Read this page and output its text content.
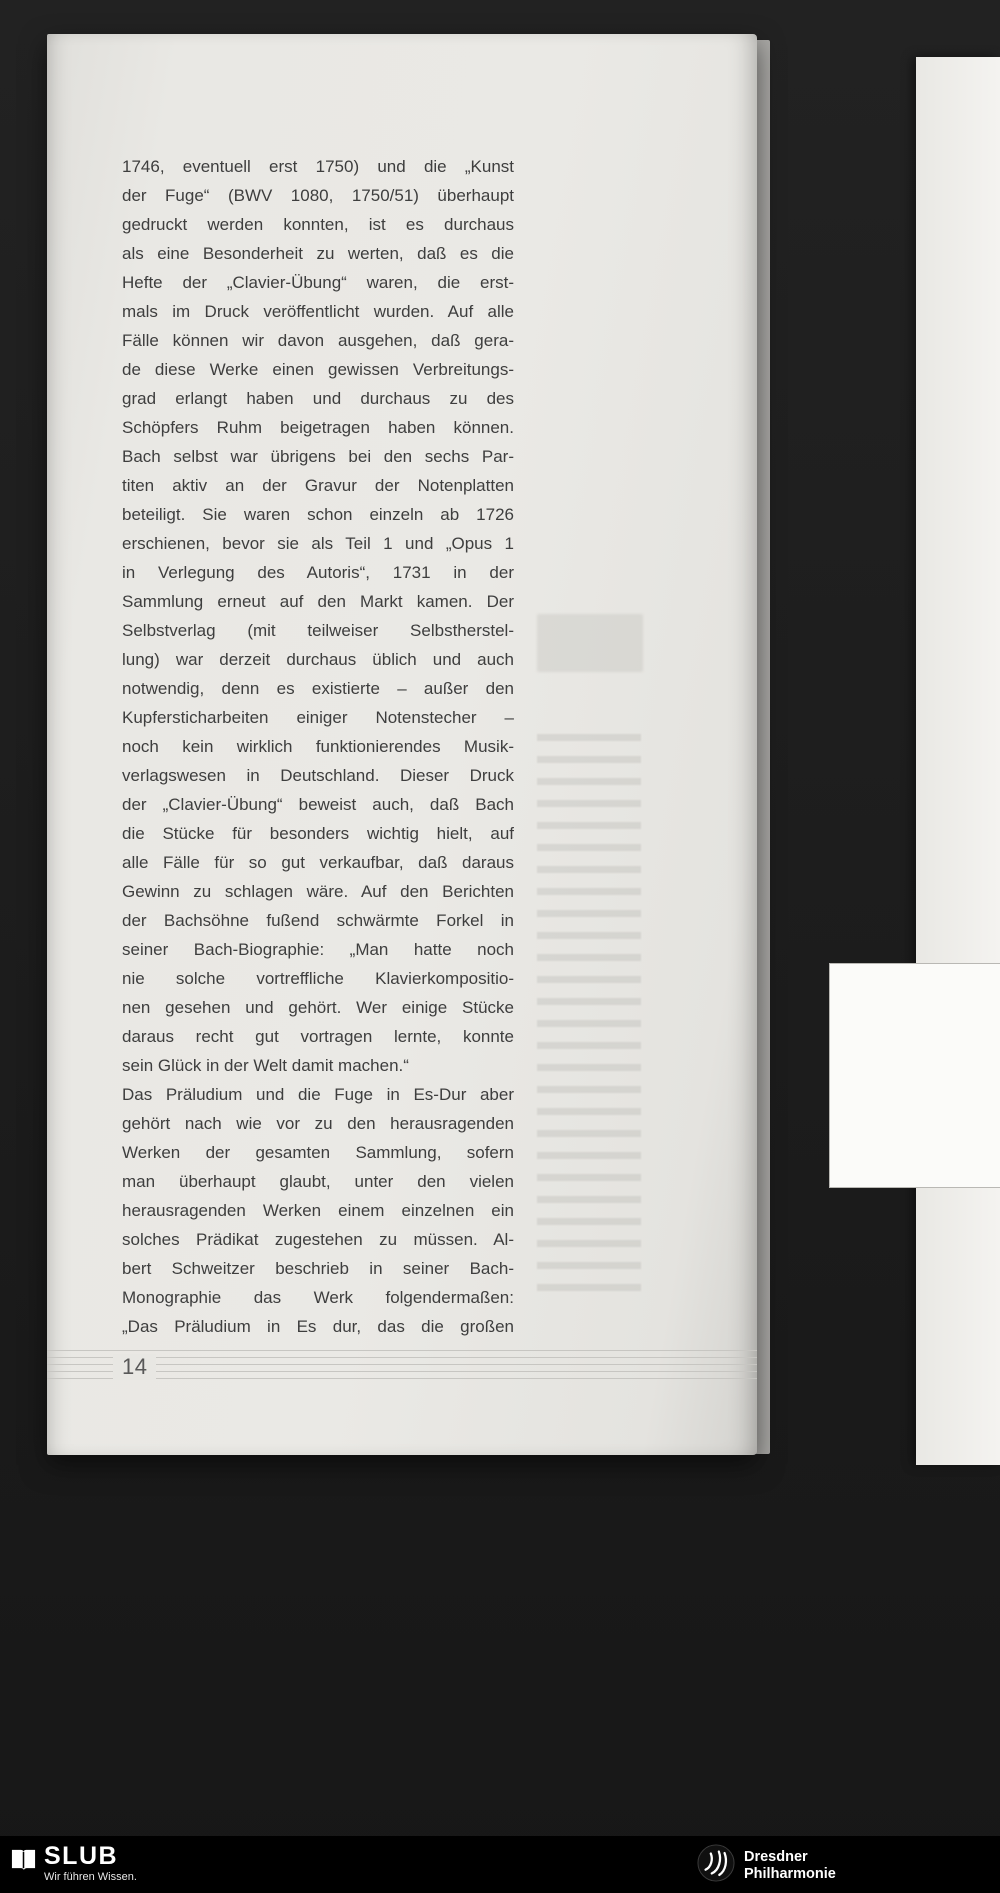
1746, eventuell erst 1750) und die „Kunst
der Fuge“ (BWV 1080, 1750/51) überhaupt
gedruckt werden konnten, ist es durchaus
als eine Besonderheit zu werten, daß es die
Hefte der „Clavier-Übung“ waren, die erst-
mals im Druck veröffentlicht wurden. Auf alle
Fälle können wir davon ausgehen, daß gera-
de diese Werke einen gewissen Verbreitungs-
grad erlangt haben und durchaus zu des
Schöpfers Ruhm beigetragen haben können.
Bach selbst war übrigens bei den sechs Par-
titen aktiv an der Gravur der Notenplatten
beteiligt. Sie waren schon einzeln ab 1726
erschienen, bevor sie als Teil 1 und „Opus 1
in Verlegung des Autoris“, 1731 in der
Sammlung erneut auf den Markt kamen. Der
Selbstverlag (mit teilweiser Selbstherstel-
lung) war derzeit durchaus üblich und auch
notwendig, denn es existierte – außer den
Kupfersticharbeiten einiger Notenstecher –
noch kein wirklich funktionierendes Musik-
verlagswesen in Deutschland. Dieser Druck
der „Clavier-Übung“ beweist auch, daß Bach
die Stücke für besonders wichtig hielt, auf
alle Fälle für so gut verkaufbar, daß daraus
Gewinn zu schlagen wäre. Auf den Berichten
der Bachsöhne fußend schwärmte Forkel in
seiner Bach-Biographie: „Man hatte noch
nie solche vortreffliche Klavierkompositio-
nen gesehen und gehört. Wer einige Stücke
daraus recht gut vortragen lernte, konnte
sein Glück in der Welt damit machen.“
Das Präludium und die Fuge in Es-Dur aber
gehört nach wie vor zu den herausragenden
Werken der gesamten Sammlung, sofern
man überhaupt glaubt, unter den vielen
herausragenden Werken einem einzelnen ein
solches Prädikat zugestehen zu müssen. Al-
bert Schweitzer beschrieb in seiner Bach-
Monographie das Werk folgendermaßen:
„Das Präludium in Es dur, das die großen
14
SLUB
Wir führen Wissen.
Dresdner
Philharmonie
